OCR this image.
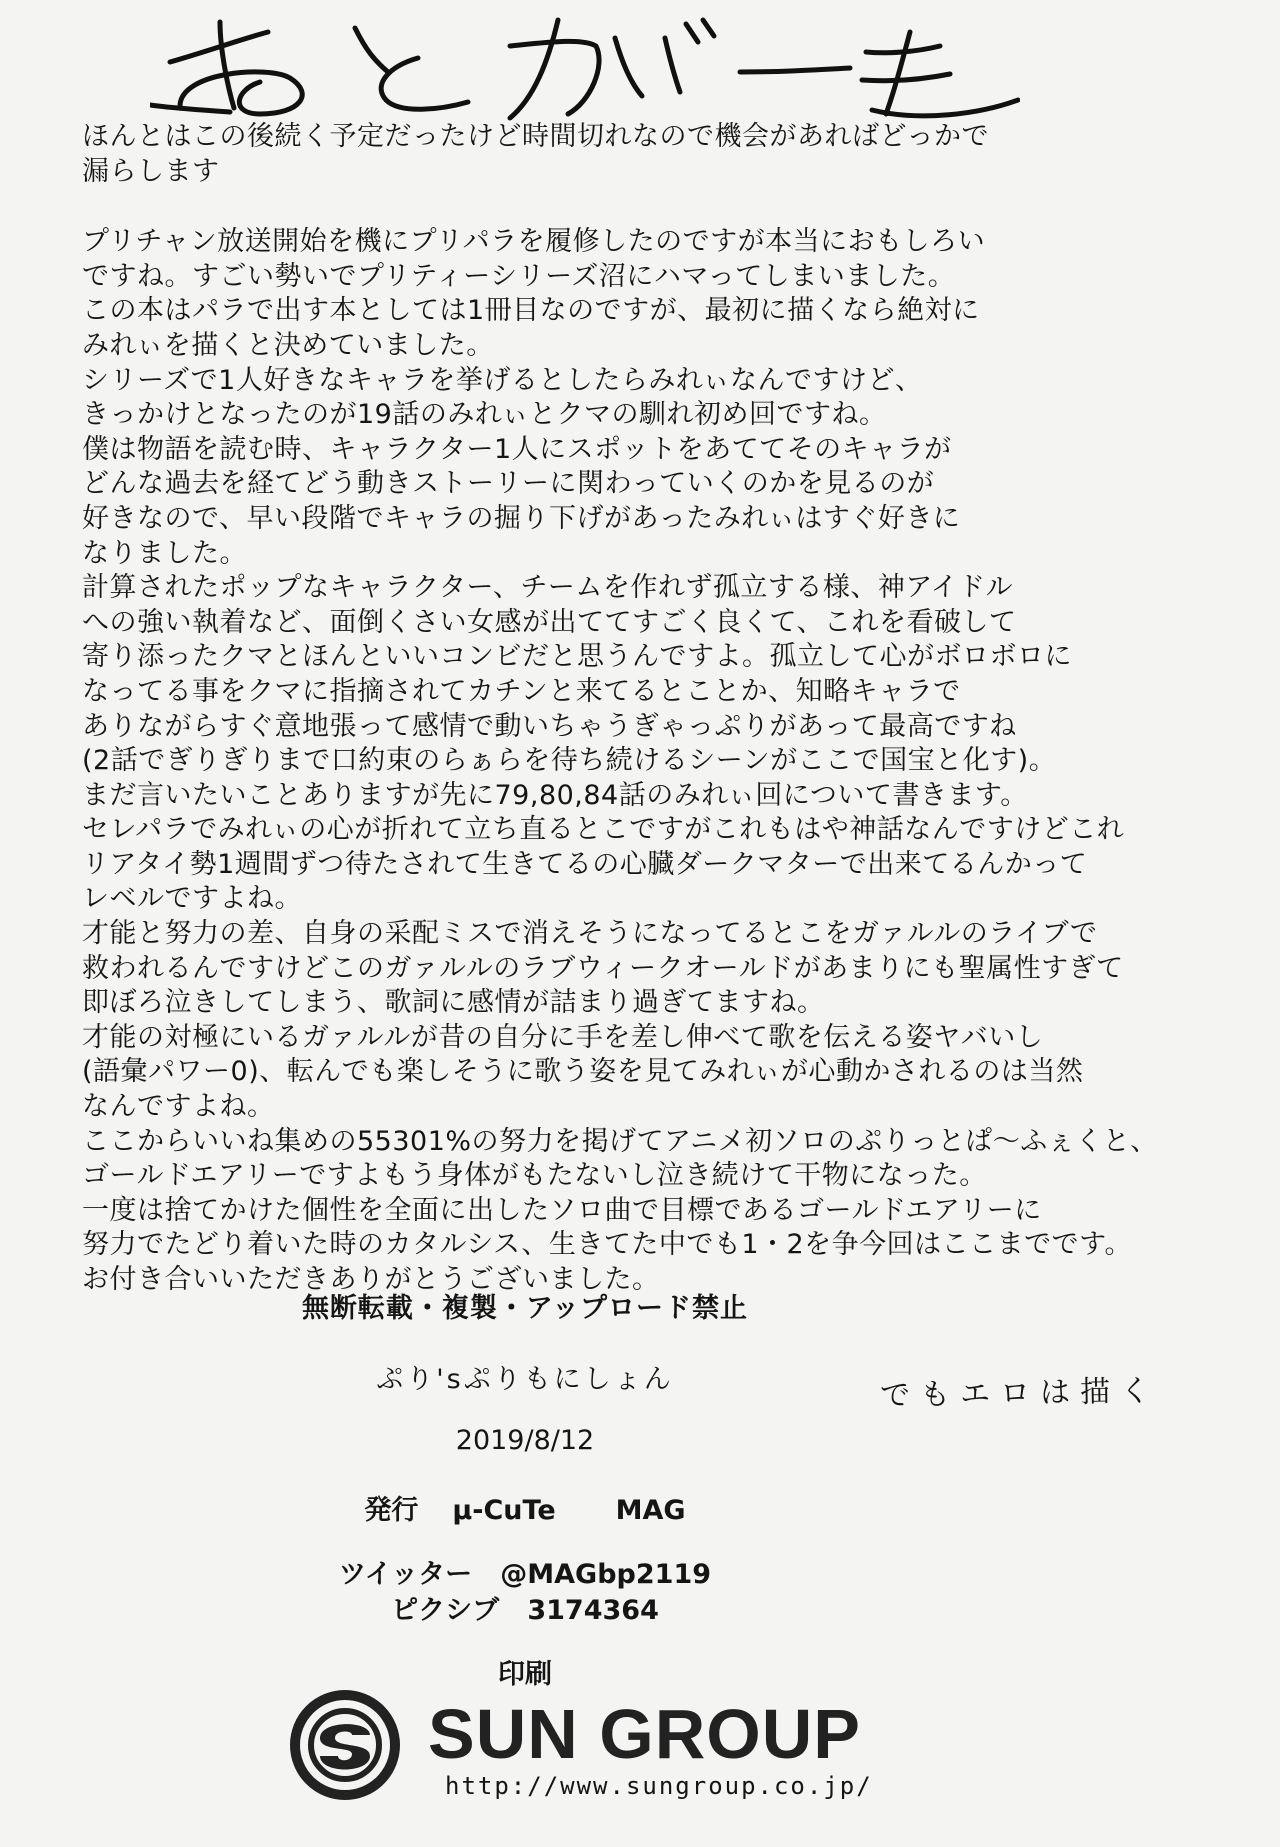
ほんとはこの後続く予定だったけど時間切れなので機会があればどっかで
漏らします
プリチャン放送開始を機にプリパラを履修したのですが本当におもしろい
ですね。すごい勢いでプリティーシリーズ沼にハマってしまいました。
この本はパラで出す本としては1冊目なのですが、最初に描くなら絶対に
みれぃを描くと決めていました。
シリーズで1人好きなキャラを挙げるとしたらみれぃなんですけど、
きっかけとなったのが19話のみれぃとクマの馴れ初め回ですね。
僕は物語を読む時、キャラクター1人にスポットをあててそのキャラが
どんな過去を経てどう動きストーリーに関わっていくのかを見るのが
好きなので、早い段階でキャラの掘り下げがあったみれぃはすぐ好きに
なりました。
計算されたポップなキャラクター、チームを作れず孤立する様、神アイドル
への強い執着など、面倒くさい女感が出ててすごく良くて、これを看破して
寄り添ったクマとほんといいコンビだと思うんですよ。孤立して心がボロボロに
なってる事をクマに指摘されてカチンと来てるとことか、知略キャラで
ありながらすぐ意地張って感情で動いちゃうぎゃっぷりがあって最高ですね
(2話でぎりぎりまで口約束のらぁらを待ち続けるシーンがここで国宝と化す)。
まだ言いたいことありますが先に79,80,84話のみれぃ回について書きます。
セレパラでみれぃの心が折れて立ち直るとこですがこれもはや神話なんですけどこれ
リアタイ勢1週間ずつ待たされて生きてるの心臓ダークマターで出来てるんかって
レベルですよね。
才能と努力の差、自身の采配ミスで消えそうになってるとこをガァルルのライブで
救われるんですけどこのガァルルのラブウィークオールドがあまりにも聖属性すぎて
即ぼろ泣きしてしまう、歌詞に感情が詰まり過ぎてますね。
才能の対極にいるガァルルが昔の自分に手を差し伸べて歌を伝える姿ヤバいし
(語彙パワー0)、転んでも楽しそうに歌う姿を見てみれぃが心動かされるのは当然
なんですよね。
ここからいいね集めの55301%の努力を掲げてアニメ初ソロのぷりっとぱ〜ふぇくと、
ゴールドエアリーですよもう身体がもたないし泣き続けて干物になった。
一度は捨てかけた個性を全面に出したソロ曲で目標であるゴールドエアリーに
努力でたどり着いた時のカタルシス、生きてた中でも1・2を争今回はここまでです。
お付き合いいただきありがとうございました。
無断転載・複製・アップロード禁止
ぷり'sぷりもにしょん	でもエロは描く
2019/8/12
発行 μ-CuTe MAG
ツイッター @MAGbp2119
ピクシブ 3174364
印刷
SUN GROUP
http://www.sungroup.co.jp/
